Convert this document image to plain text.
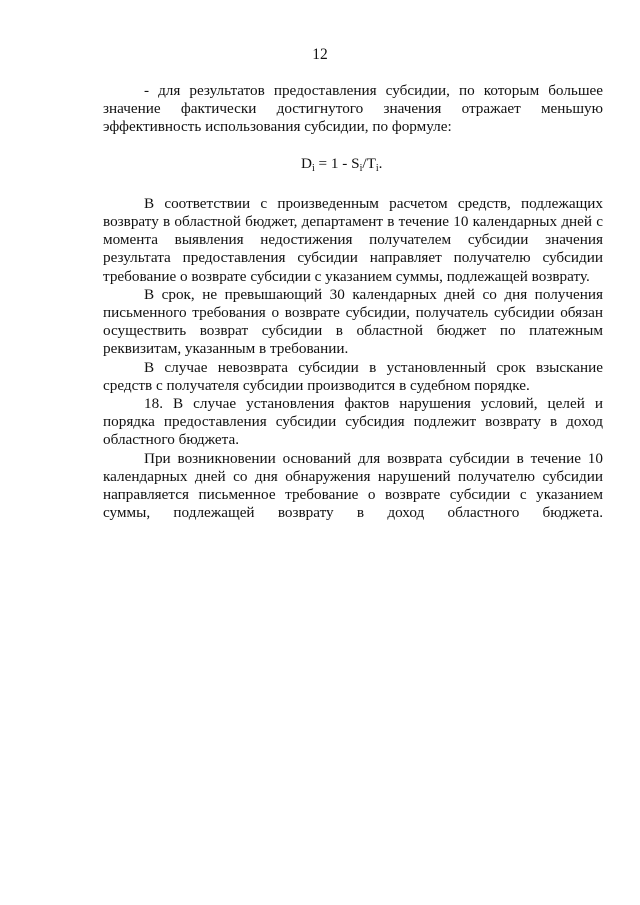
12

- для результатов предоставления субсидии, по которым большее значение фактически достигнутого значения отражает меньшую эффективность использования субсидии, по формуле:

$D_i = 1 - S_i/T_i$.

В соответствии с произведенным расчетом средств, подлежащих возврату в областной бюджет, департамент в течение 10 календарных дней с момента выявления недостижения получателем субсидии значения результата предоставления субсидии направляет получателю субсидии требование о возврате субсидии с указанием суммы, подлежащей возврату.

В срок, не превышающий 30 календарных дней со дня получения письменного требования о возврате субсидии, получатель субсидии обязан осуществить возврат субсидии в областной бюджет по платежным реквизитам, указанным в требовании.

В случае невозврата субсидии в установленный срок взыскание средств с получателя субсидии производится в судебном порядке.

18. В случае установления фактов нарушения условий, целей и порядка предоставления субсидии субсидия подлежит возврату в доход областного бюджета.

При возникновении оснований для возврата субсидии в течение 10 календарных дней со дня обнаружения нарушений получателю субсидии направляется письменное требование о возврате субсидии с указанием суммы, подлежащей возврату в доход областного бюджета.
